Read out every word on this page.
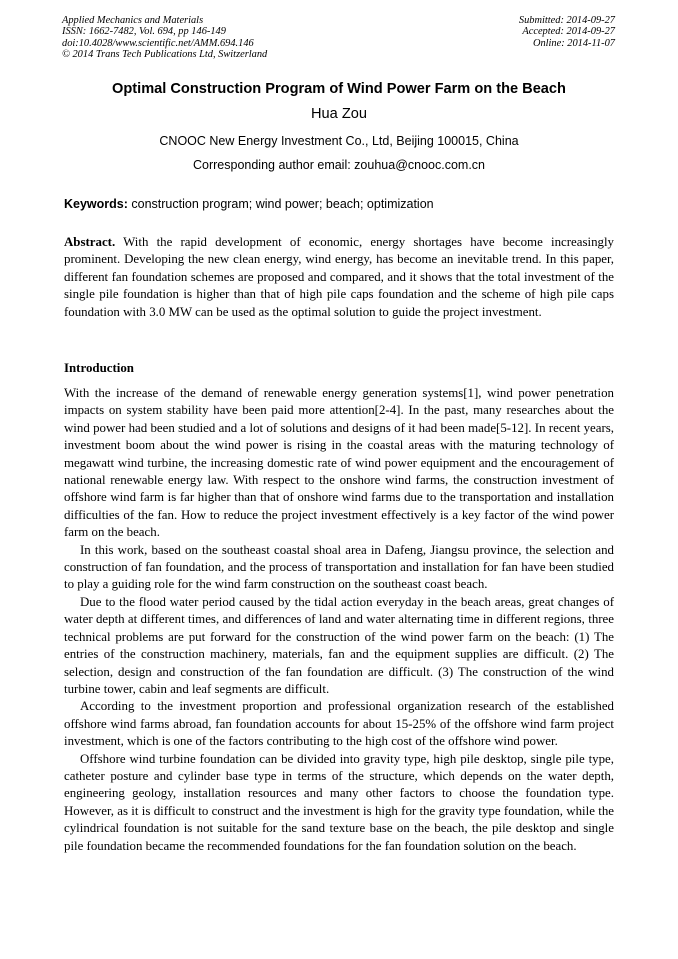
Applied Mechanics and Materials
ISSN: 1662-7482, Vol. 694, pp 146-149
doi:10.4028/www.scientific.net/AMM.694.146
© 2014 Trans Tech Publications Ltd, Switzerland
Submitted: 2014-09-27
Accepted: 2014-09-27
Online: 2014-11-07
Optimal Construction Program of Wind Power Farm on the Beach
Hua Zou
CNOOC New Energy Investment Co., Ltd, Beijing 100015, China
Corresponding author email: zouhua@cnooc.com.cn
Keywords: construction program; wind power; beach; optimization
Abstract. With the rapid development of economic, energy shortages have become increasingly prominent. Developing the new clean energy, wind energy, has become an inevitable trend. In this paper, different fan foundation schemes are proposed and compared, and it shows that the total investment of the single pile foundation is higher than that of high pile caps foundation and the scheme of high pile caps foundation with 3.0 MW can be used as the optimal solution to guide the project investment.
Introduction

With the increase of the demand of renewable energy generation systems[1], wind power penetration impacts on system stability have been paid more attention[2-4]. In the past, many researches about the wind power had been studied and a lot of solutions and designs of it had been made[5-12]. In recent years, investment boom about the wind power is rising in the coastal areas with the maturing technology of megawatt wind turbine, the increasing domestic rate of wind power equipment and the encouragement of national renewable energy law. With respect to the onshore wind farms, the construction investment of offshore wind farm is far higher than that of onshore wind farms due to the transportation and installation difficulties of the fan. How to reduce the project investment effectively is a key factor of the wind power farm on the beach.

In this work, based on the southeast coastal shoal area in Dafeng, Jiangsu province, the selection and construction of fan foundation, and the process of transportation and installation for fan have been studied to play a guiding role for the wind farm construction on the southeast coast beach.

Due to the flood water period caused by the tidal action everyday in the beach areas, great changes of water depth at different times, and differences of land and water alternating time in different regions, three technical problems are put forward for the construction of the wind power farm on the beach: (1) The entries of the construction machinery, materials, fan and the equipment supplies are difficult. (2) The selection, design and construction of the fan foundation are difficult. (3) The construction of the wind turbine tower, cabin and leaf segments are difficult.

According to the investment proportion and professional organization research of the established offshore wind farms abroad, fan foundation accounts for about 15-25% of the offshore wind farm project investment, which is one of the factors contributing to the high cost of the offshore wind power.

Offshore wind turbine foundation can be divided into gravity type, high pile desktop, single pile type, catheter posture and cylinder base type in terms of the structure, which depends on the water depth, engineering geology, installation resources and many other factors to choose the foundation type. However, as it is difficult to construct and the investment is high for the gravity type foundation, while the cylindrical foundation is not suitable for the sand texture base on the beach, the pile desktop and single pile foundation became the recommended foundations for the fan foundation solution on the beach.
